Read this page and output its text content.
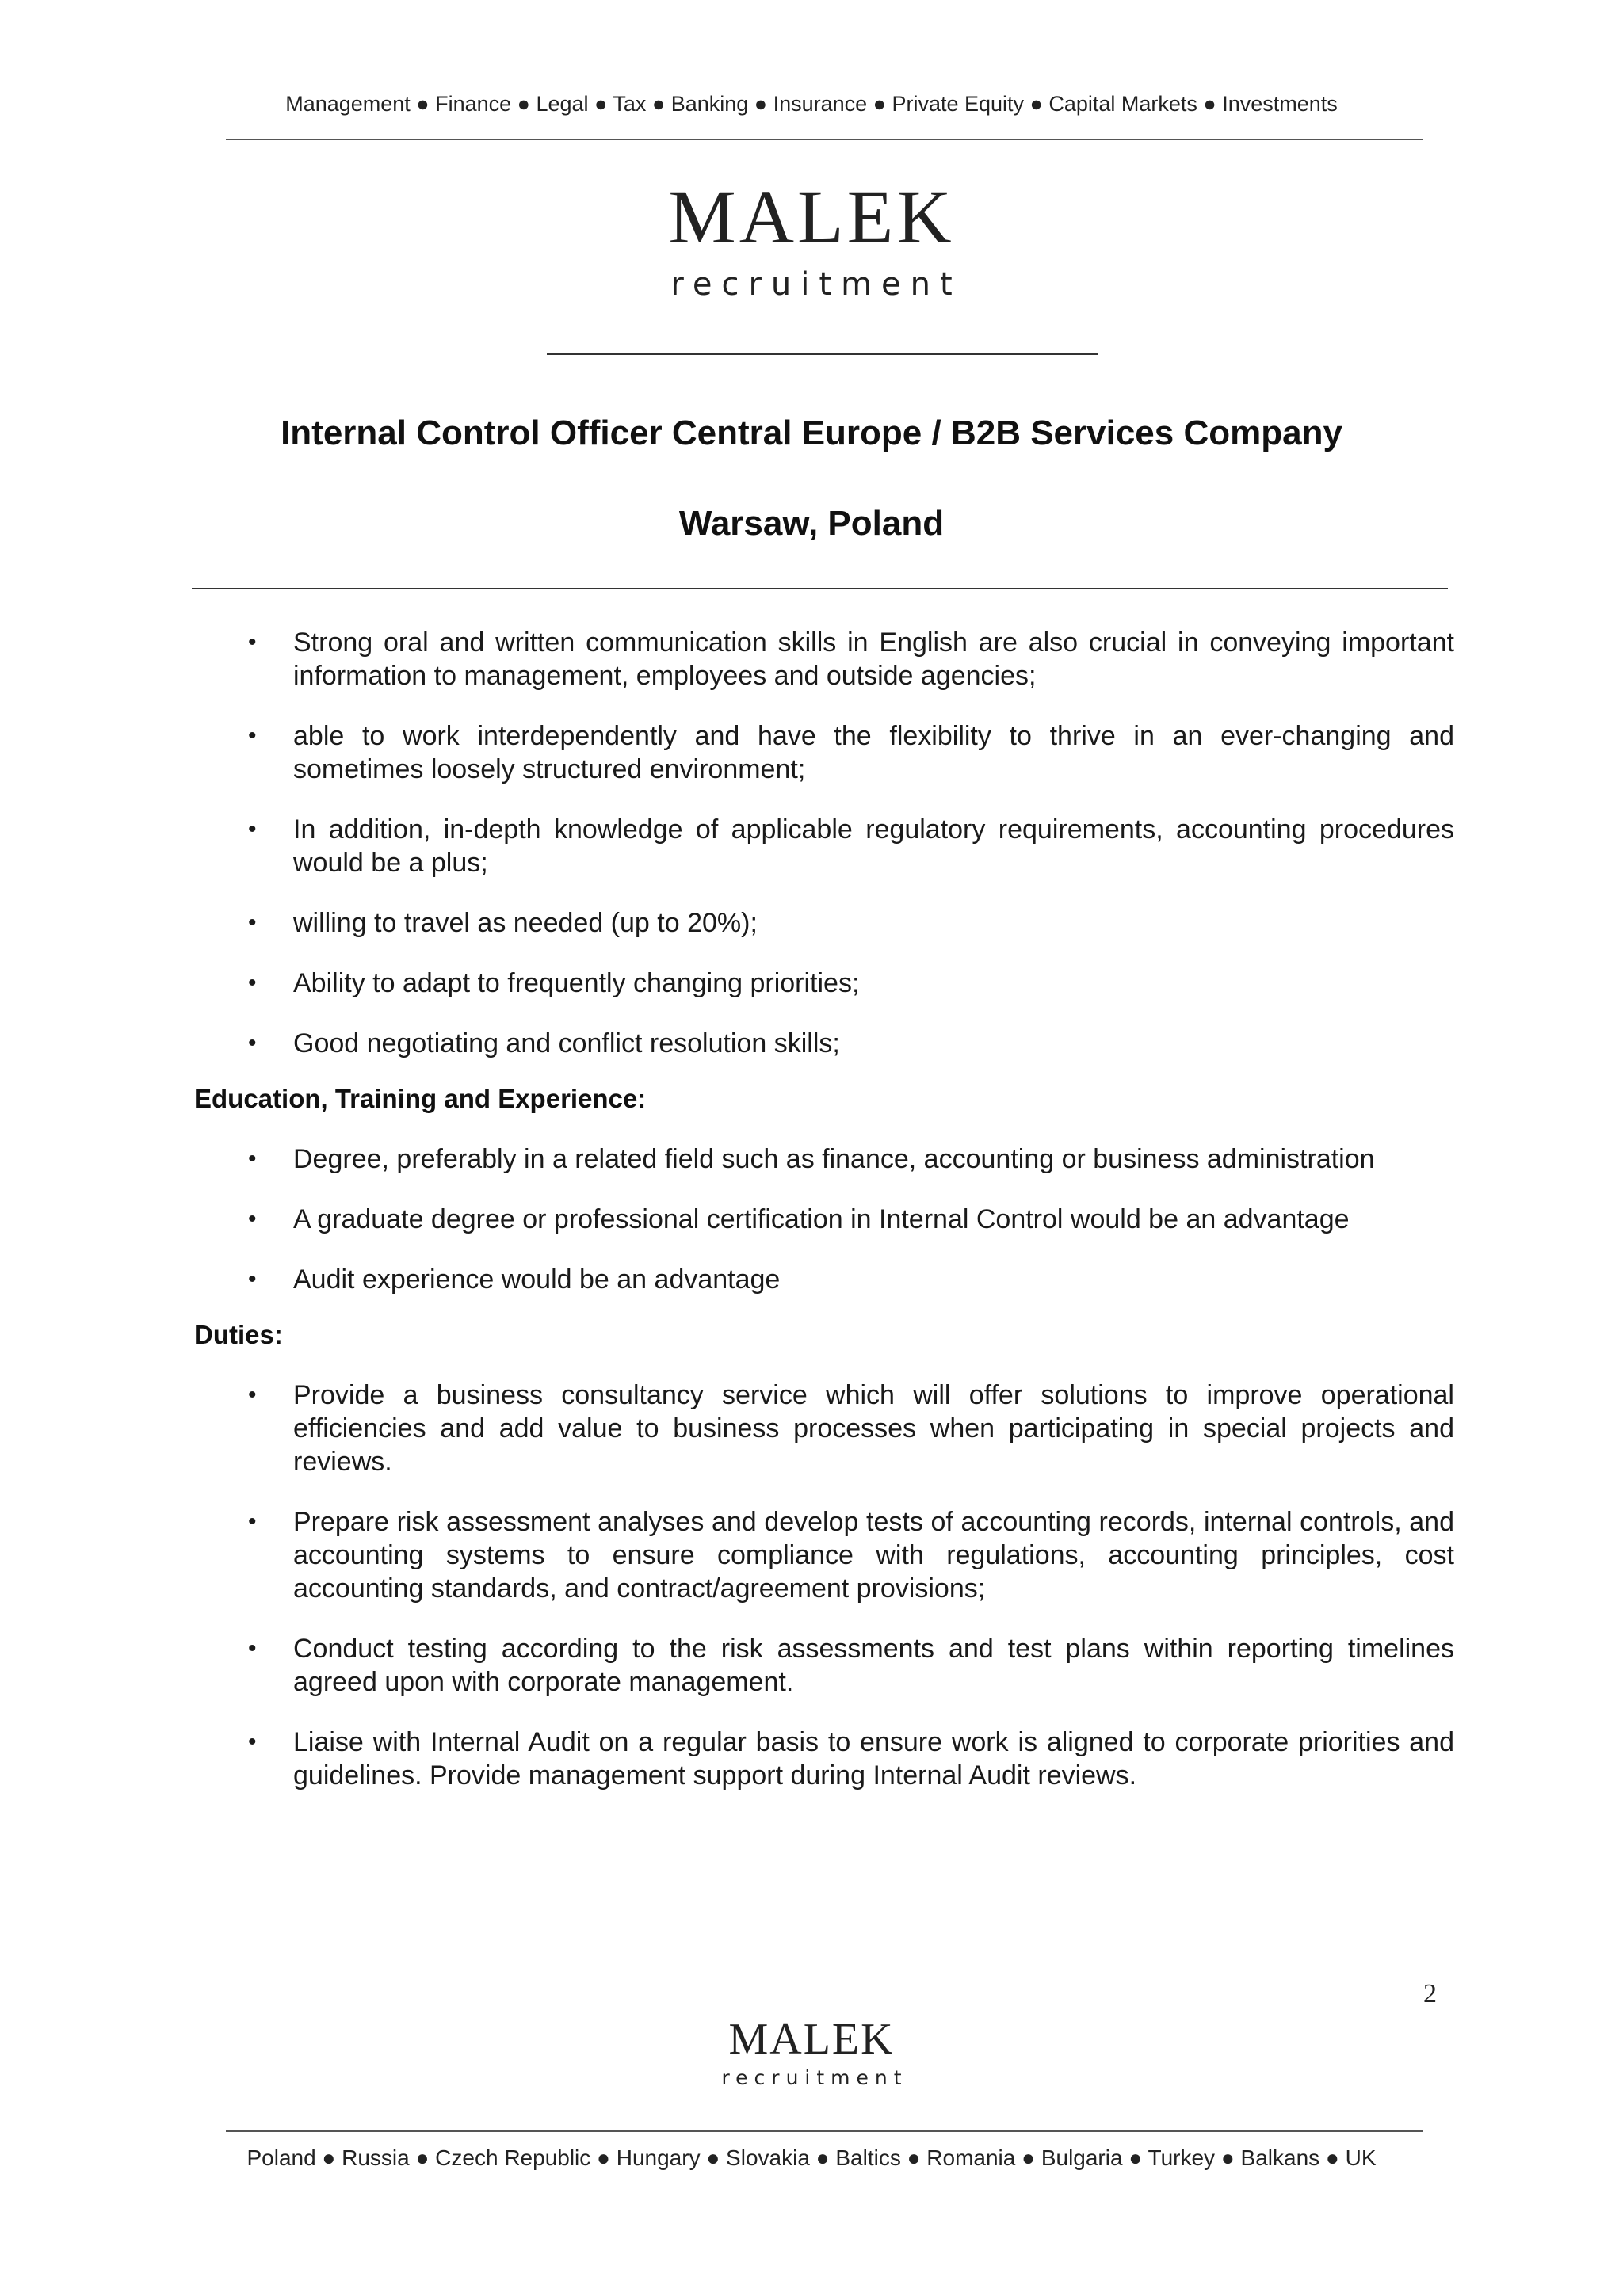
Management ● Finance ● Legal ● Tax ● Banking ● Insurance ● Private Equity ● Capital Markets ● Investments
MALEK
recruitment
Internal Control Officer Central Europe / B2B Services Company
Warsaw, Poland
• Strong oral and written communication skills in English are also crucial in conveying important information to management, employees and outside agencies;
• able to work interdependently and have the flexibility to thrive in an ever-changing and sometimes loosely structured environment;
• In addition, in-depth knowledge of applicable regulatory requirements, accounting procedures would be a plus;
• willing to travel as needed (up to 20%);
• Ability to adapt to frequently changing priorities;
• Good negotiating and conflict resolution skills;
Education, Training and Experience:
• Degree, preferably in a related field such as finance, accounting or business administration
• A graduate degree or professional certification in Internal Control would be an advantage
• Audit experience would be an advantage
Duties:
• Provide a business consultancy service which will offer solutions to improve operational efficiencies and add value to business processes when participating in special projects and reviews.
• Prepare risk assessment analyses and develop tests of accounting records, internal controls, and accounting systems to ensure compliance with regulations, accounting principles, cost accounting standards, and contract/agreement provisions;
• Conduct testing according to the risk assessments and test plans within reporting timelines agreed upon with corporate management.
• Liaise with Internal Audit on a regular basis to ensure work is aligned to corporate priorities and guidelines. Provide management support during Internal Audit reviews.
2
MALEK
recruitment
Poland ● Russia ● Czech Republic ● Hungary ● Slovakia ● Baltics ● Romania ● Bulgaria ● Turkey ● Balkans ● UK
